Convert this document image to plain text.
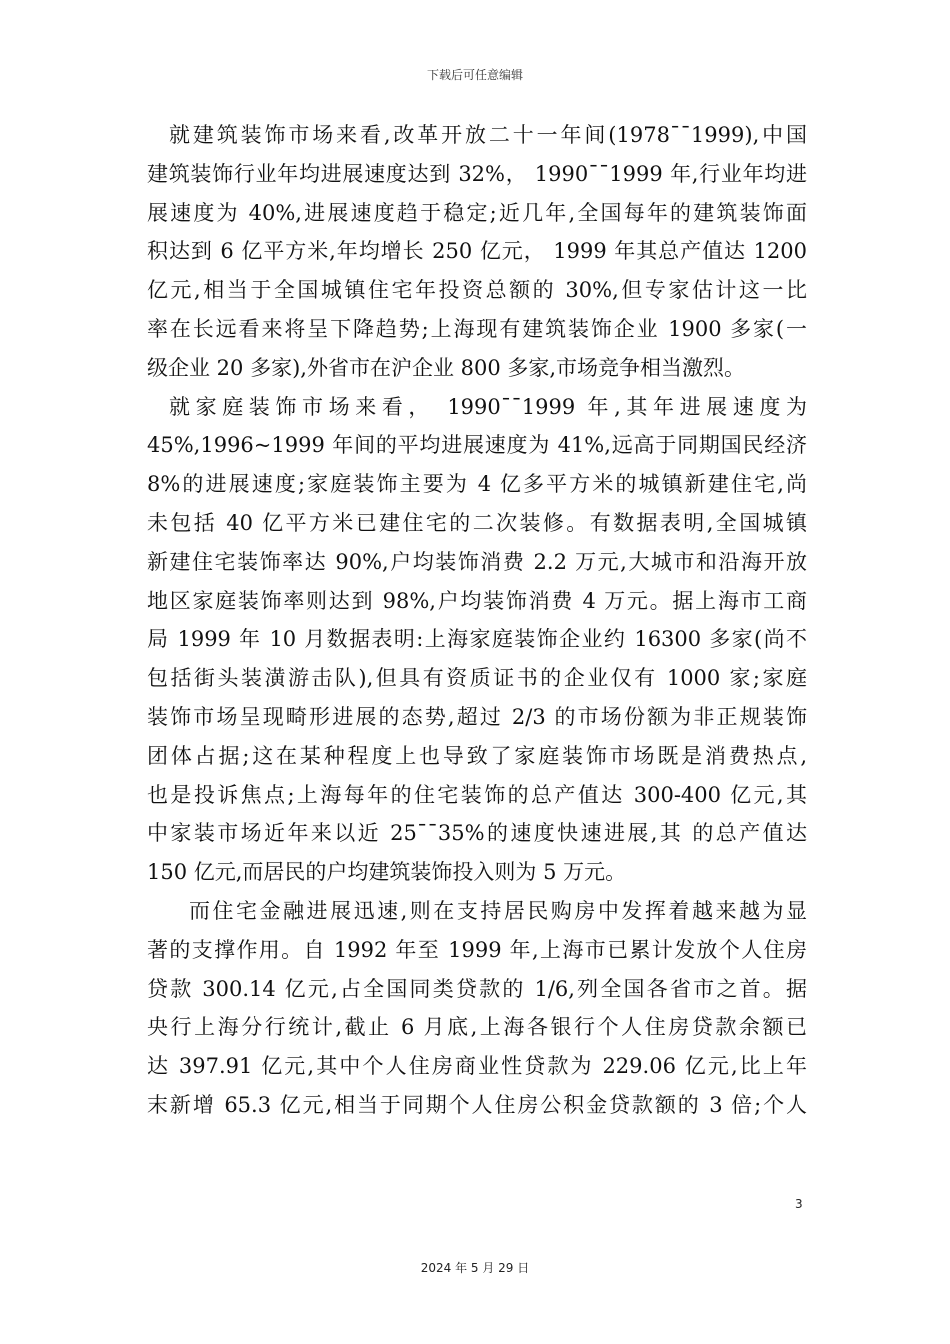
下载后可任意编辑
就建筑装饰市场来看,改革开放二十一年间(1978¯¯1999),中国
建筑装饰行业年均进展速度达到 32%， 1990¯¯1999 年,行业年均进
展速度为 40%,进展速度趋于稳定;近几年,全国每年的建筑装饰面
积达到 6 亿平方米,年均增长 250 亿元， 1999 年其总产值达 1200
亿元,相当于全国城镇住宅年投资总额的 30%,但专家估计这一比
率在长远看来将呈下降趋势;上海现有建筑装饰企业 1900 多家(一
级企业 20 多家),外省市在沪企业 800 多家,市场竞争相当激烈。
就家庭装饰市场来看， 1990¯¯1999 年,其年进展速度为
45%,1996~1999 年间的平均进展速度为 41%,远高于同期国民经济
8%的进展速度;家庭装饰主要为 4 亿多平方米的城镇新建住宅,尚
未包括 40 亿平方米已建住宅的二次装修。有数据表明,全国城镇
新建住宅装饰率达 90%,户均装饰消费 2.2 万元,大城市和沿海开放
地区家庭装饰率则达到 98%,户均装饰消费 4 万元。据上海市工商
局 1999 年 10 月数据表明:上海家庭装饰企业约 16300 多家(尚不
包括街头装潢游击队),但具有资质证书的企业仅有 1000 家;家庭
装饰市场呈现畸形进展的态势,超过 2/3 的市场份额为非正规装饰
团体占据;这在某种程度上也导致了家庭装饰市场既是消费热点,
也是投诉焦点;上海每年的住宅装饰的总产值达 300-400 亿元,其
中家装市场近年来以近 25¯¯35%的速度快速进展,其 的总产值达
150 亿元,而居民的户均建筑装饰投入则为 5 万元。
而住宅金融进展迅速,则在支持居民购房中发挥着越来越为显
著的支撑作用。自 1992 年至 1999 年,上海市已累计发放个人住房
贷款 300.14 亿元,占全国同类贷款的 1/6,列全国各省市之首。据
央行上海分行统计,截止 6 月底,上海各银行个人住房贷款余额已
达 397.91 亿元,其中个人住房商业性贷款为 229.06 亿元,比上年
末新增 65.3 亿元,相当于同期个人住房公积金贷款额的 3 倍;个人
3
2024 年 5 月 29 日
